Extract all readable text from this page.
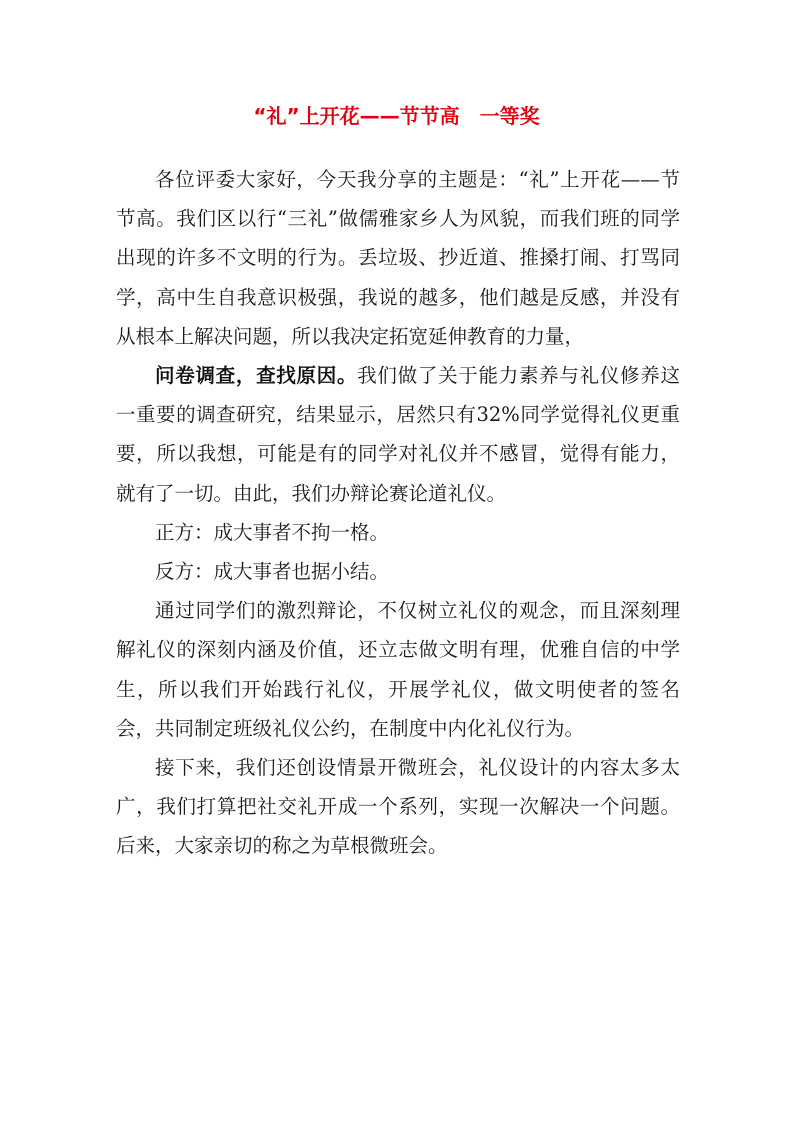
“礼”上开花——节节高　一等奖

各位评委大家好，今天我分享的主题是：“礼”上开花——节节高。我们区以行“三礼”做儒雅家乡人为风貌，而我们班的同学出现的许多不文明的行为。丢垃圾、抄近道、推搡打闹、打骂同学，高中生自我意识极强，我说的越多，他们越是反感，并没有从根本上解决问题，所以我决定拓宽延伸教育的力量，

问卷调查，查找原因。我们做了关于能力素养与礼仪修养这一重要的调查研究，结果显示，居然只有32%同学觉得礼仪更重要，所以我想，可能是有的同学对礼仪并不感冒，觉得有能力，就有了一切。由此，我们办辩论赛论道礼仪。

正方：成大事者不拘一格。

反方：成大事者也据小结。

通过同学们的激烈辩论，不仅树立礼仪的观念，而且深刻理解礼仪的深刻内涵及价值，还立志做文明有理，优雅自信的中学生，所以我们开始践行礼仪，开展学礼仪，做文明使者的签名会，共同制定班级礼仪公约，在制度中内化礼仪行为。

接下来，我们还创设情景开微班会，礼仪设计的内容太多太广，我们打算把社交礼开成一个系列，实现一次解决一个问题。后来，大家亲切的称之为草根微班会。
